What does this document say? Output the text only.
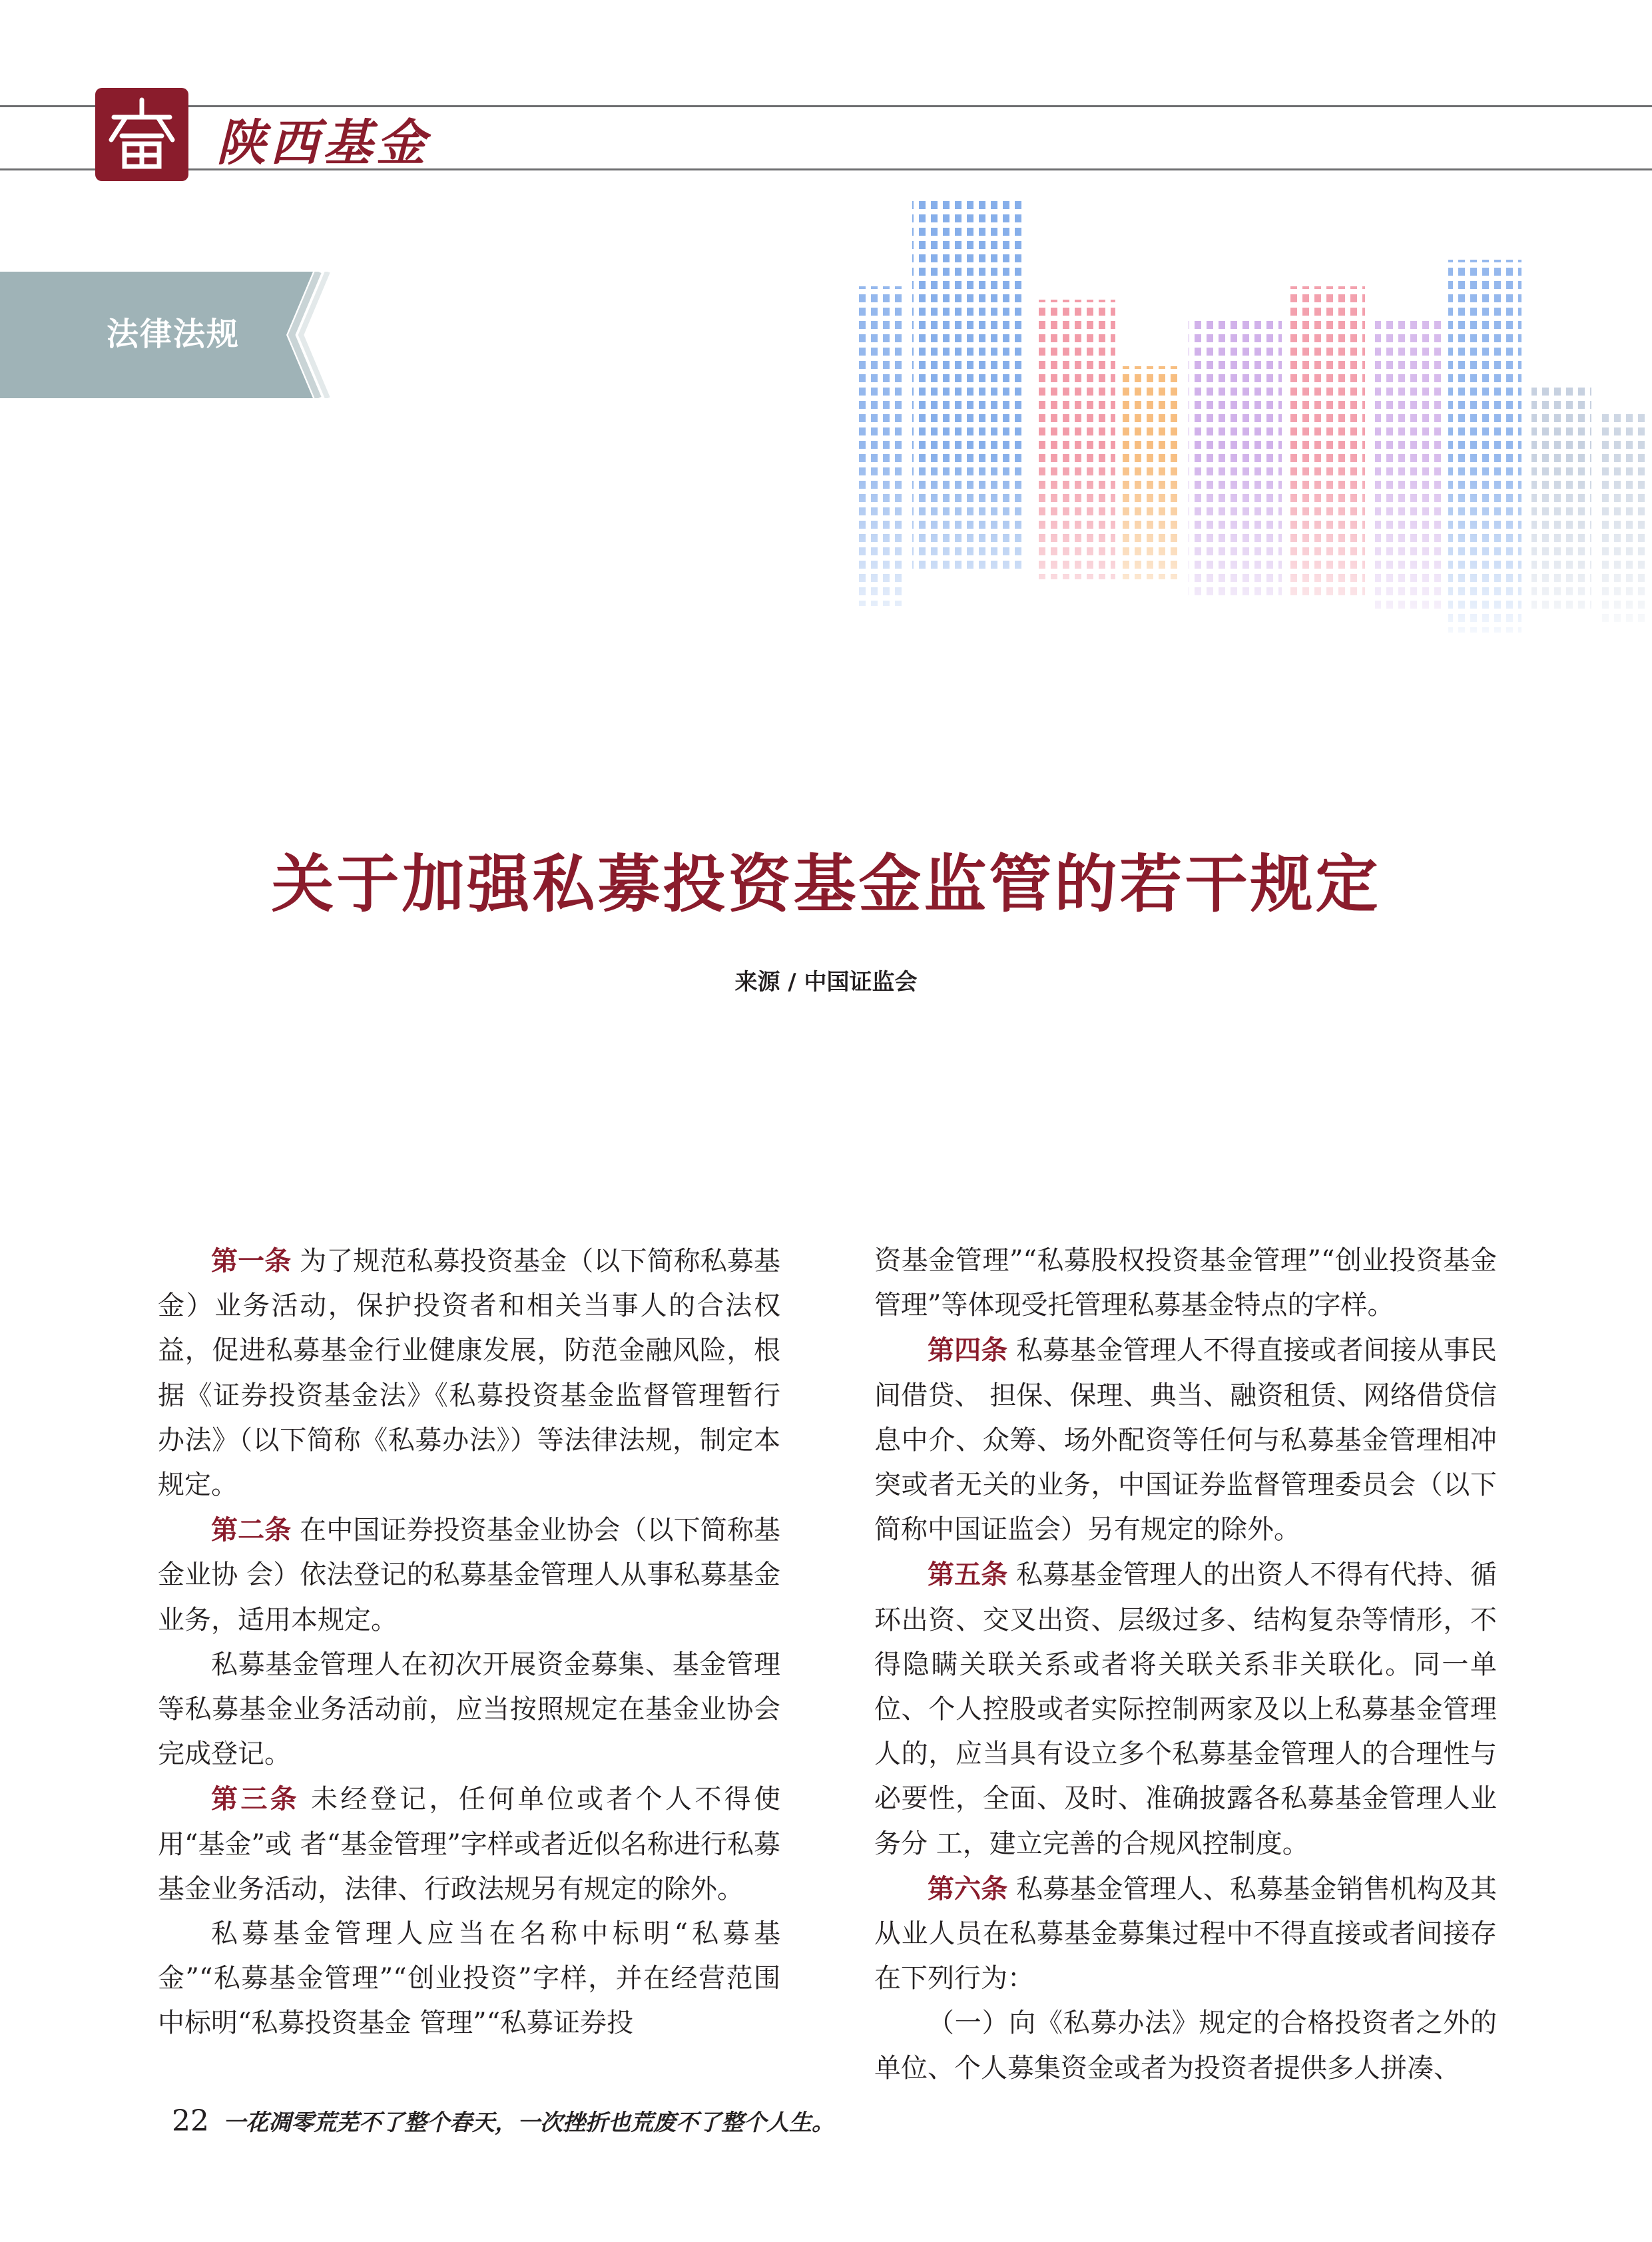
陕西基金
法律法规
关于加强私募投资基金监管的若干规定
来源 / 中国证监会

第一条 为了规范私募投资基金（以下简称私募基金）业务活动，保护投资者和相关当事人的合法权益，促进私募基金行业健康发展，防范金融风险，根据《证券投资基金法》《私募投资基金监督管理暂行办法》（以下简称《私募办法》）等法律法规，制定本规定。

第二条 在中国证券投资基金业协会（以下简称基金业协 会）依法登记的私募基金管理人从事私募基金业务，适用本规定。

私募基金管理人在初次开展资金募集、基金管理等私募基金业务活动前，应当按照规定在基金业协会完成登记。

第三条 未经登记，任何单位或者个人不得使用“基金”或 者“基金管理”字样或者近似名称进行私募基金业务活动，法律、行政法规另有规定的除外。

私募基金管理人应当在名称中标明“私募基金”“私募基金管理”“创业投资”字样，并在经营范围中标明“私募投资基金 管理”“私募证券投

资基金管理”“私募股权投资基金管理”“创业投资基金管理”等体现受托管理私募基金特点的字样。

第四条 私募基金管理人不得直接或者间接从事民间借贷、 担保、保理、典当、融资租赁、网络借贷信息中介、众筹、场外配资等任何与私募基金管理相冲突或者无关的业务，中国证券监督管理委员会（以下简称中国证监会）另有规定的除外。

第五条 私募基金管理人的出资人不得有代持、循环出资、交叉出资、层级过多、结构复杂等情形，不得隐瞒关联关系或者将关联关系非关联化。同一单位、个人控股或者实际控制两家及以上私募基金管理人的，应当具有设立多个私募基金管理人的合理性与必要性，全面、及时、准确披露各私募基金管理人业务分 工，建立完善的合规风控制度。

第六条 私募基金管理人、私募基金销售机构及其从业人员在私募基金募集过程中不得直接或者间接存在下列行为：

（一）向《私募办法》规定的合格投资者之外的单位、个人募集资金或者为投资者提供多人拼凑、

22 一花凋零荒芜不了整个春天，一次挫折也荒废不了整个人生。
